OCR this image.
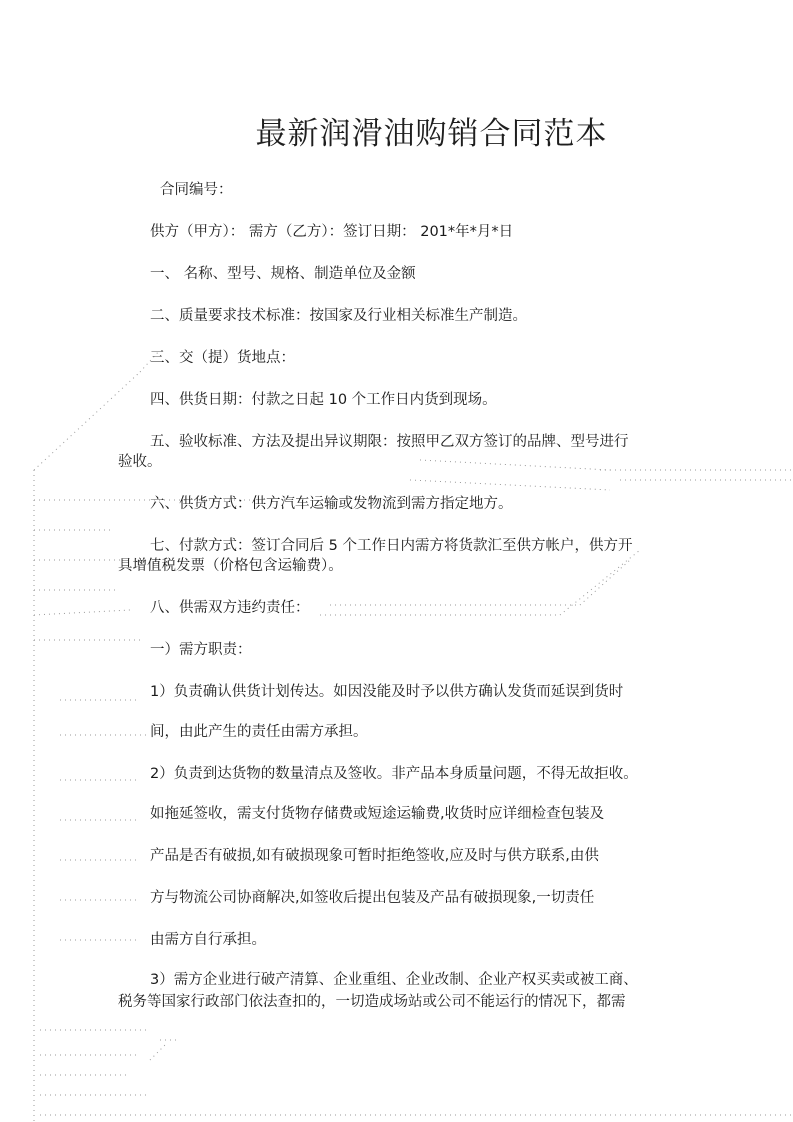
最新润滑油购销合同范本
合同编号：
供方（甲方）： 需方（乙方）：签订日期： 201*年*月*日
一、 名称、型号、规格、制造单位及金额
二、质量要求技术标准：按国家及行业相关标准生产制造。
三、交（提）货地点：
四、供货日期：付款之日起 10 个工作日内货到现场。
五、验收标准、方法及提出异议期限：按照甲乙双方签订的品牌、型号进行
验收。
六、供货方式：供方汽车运输或发物流到需方指定地方。
七、付款方式：签订合同后 5 个工作日内需方将货款汇至供方帐户，供方开
具增值税发票（价格包含运输费）。
八、供需双方违约责任：
一）需方职责：
1）负责确认供货计划传达。如因没能及时予以供方确认发货而延误到货时
间，由此产生的责任由需方承担。
2）负责到达货物的数量清点及签收。非产品本身质量问题，不得无故拒收。
如拖延签收，需支付货物存储费或短途运输费,收货时应详细检查包装及
产品是否有破损,如有破损现象可暂时拒绝签收,应及时与供方联系,由供
方与物流公司协商解决,如签收后提出包装及产品有破损现象,一切责任
由需方自行承担。
3）需方企业进行破产清算、企业重组、企业改制、企业产权买卖或被工商、
税务等国家行政部门依法查扣的，一切造成场站或公司不能运行的情况下，都需
